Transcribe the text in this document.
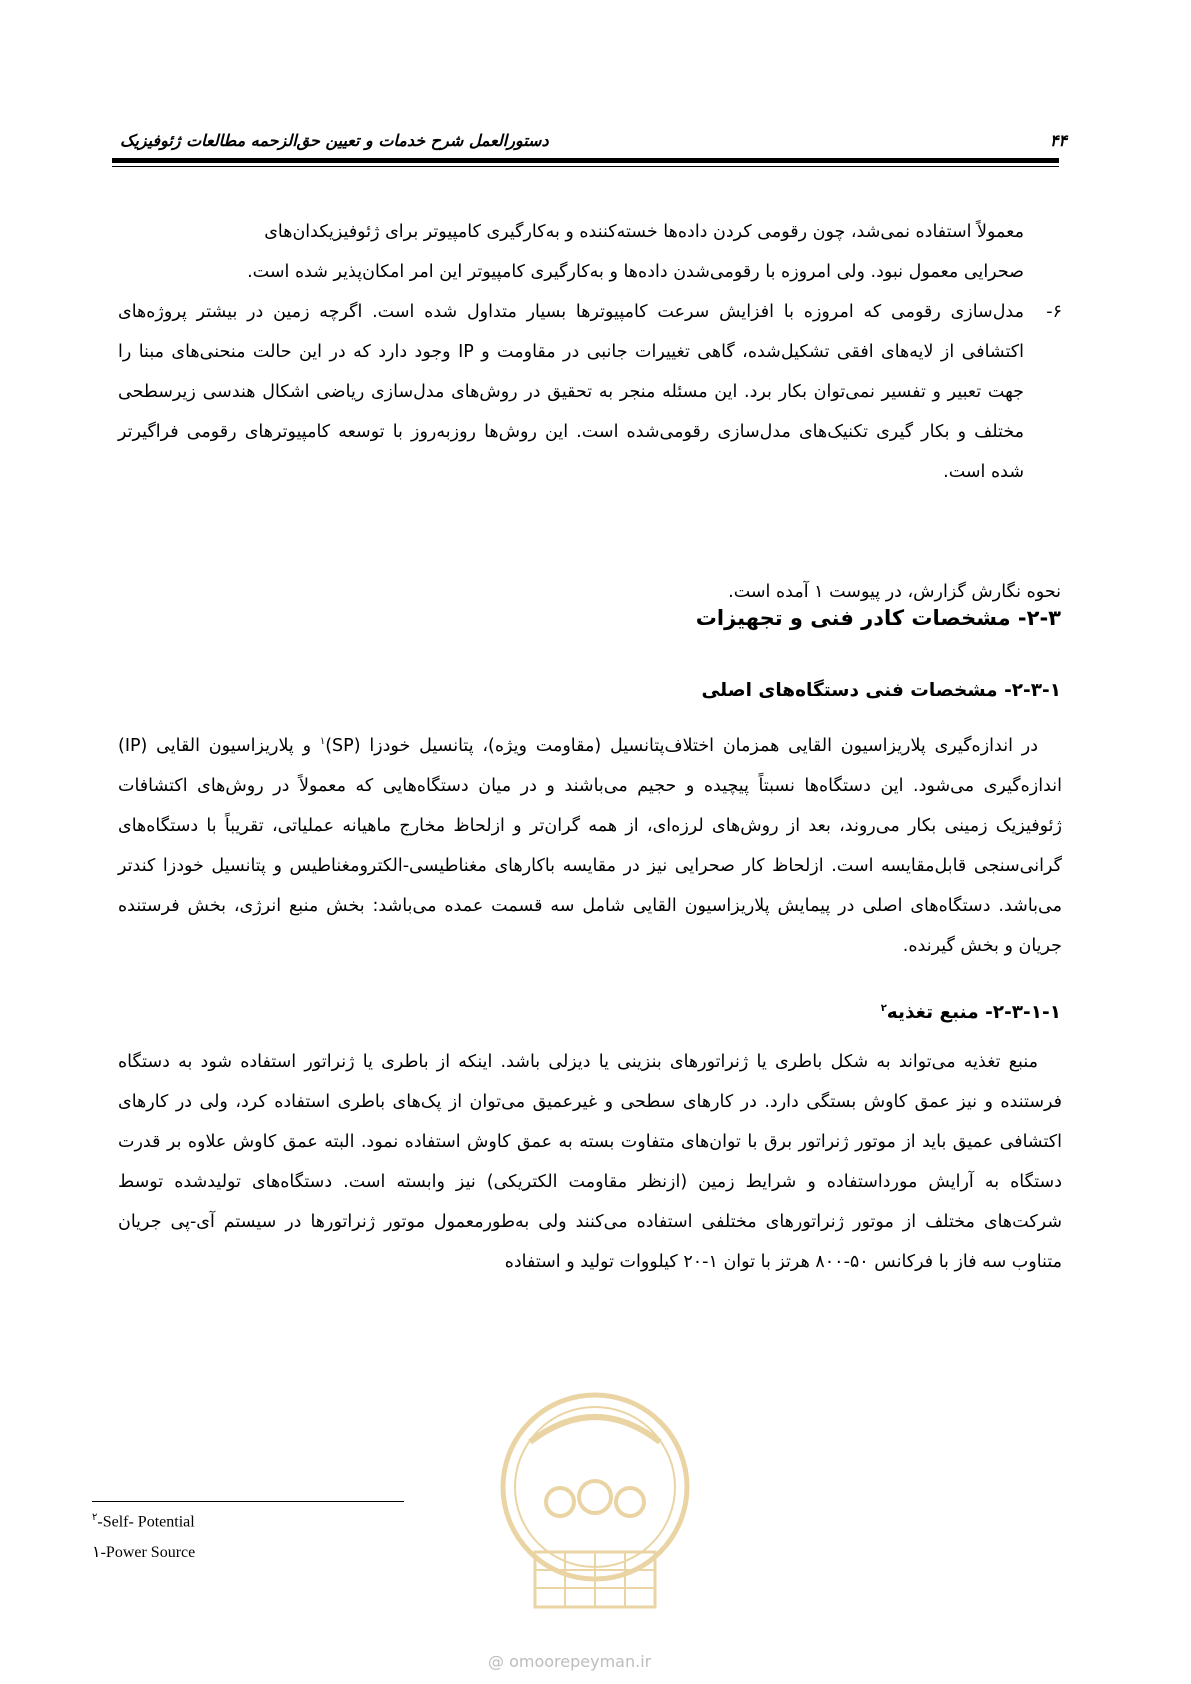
دستورالعمل شرح خدمات و تعیین حق‌الزحمه مطالعات ژئوفیزیک	۴۴
معمولاً استفاده نمی‌شد، چون رقومی کردن داده‌ها خسته‌کننده و به‌کارگیری کامپیوتر برای ژئوفیزیکدان‌های
صحرایی معمول نبود. ولی امروزه با رقومی‌شدن داده‌ها و به‌کارگیری کامپیوتر این امر امکان‌پذیر شده است.
۶-
مدل‌سازی رقومی که امروزه با افزایش سرعت کامپیوترها بسیار متداول شده است. اگرچه زمین در بیشتر پروژه‌های اکتشافی از لایه‌های افقی تشکیل‌شده، گاهی تغییرات جانبی در مقاومت و IP وجود دارد که در این حالت منحنی‌های مبنا را جهت تعبیر و تفسیر نمی‌توان بکار برد. این مسئله منجر به تحقیق در روش‌های مدل‌سازی ریاضی اشکال هندسی زیرسطحی مختلف و بکار گیری تکنیک‌های مدل‌سازی رقومی‌شده است. این روش‌ها روزبه‌روز با توسعه کامپیوترهای رقومی فراگیرتر شده است.
نحوه نگارش گزارش، در پیوست ۱ آمده است.
۲-۳- مشخصات کادر فنی و تجهیزات
۲-۳-۱- مشخصات فنی دستگاه‌های اصلی

در اندازه‌گیری پلاریزاسیون القایی همزمان اختلاف‌پتانسیل (مقاومت ویژه)، پتانسیل خودزا (SP)$^۱$ و پلاریزاسیون القایی (IP) اندازه‌گیری می‌شود. این دستگاه‌ها نسبتاً پیچیده و حجیم می‌باشند و در میان دستگاه‌هایی که معمولاً در روش‌های اکتشافات ژئوفیزیک زمینی بکار می‌روند، بعد از روش‌های لرزه‌ای، از همه گران‌تر و ازلحاظ مخارج ماهیانه عملیاتی، تقریباً با دستگاه‌های گرانی‌سنجی قابل‌مقایسه است. ازلحاظ کار صحرایی نیز در مقایسه باکارهای مغناطیسی-الکترومغناطیس و پتانسیل خودزا کندتر می‌باشد. دستگاه‌های اصلی در پیمایش پلاریزاسیون القایی شامل سه قسمت عمده می‌باشد: بخش منبع انرژی، بخش فرستنده جریان و بخش گیرنده.

۲-۳-۱-۱- منبع تغذیه$^۲$

منبع تغذیه می‌تواند به شکل باطری یا ژنراتورهای بنزینی یا دیزلی باشد. اینکه از باطری یا ژنراتور استفاده شود به دستگاه فرستنده و نیز عمق کاوش بستگی دارد. در کارهای سطحی و غیرعمیق می‌توان از پک‌های باطری استفاده کرد، ولی در کارهای اکتشافی عمیق باید از موتور ژنراتور برق با توان‌های متفاوت بسته به عمق کاوش استفاده نمود. البته عمق کاوش علاوه بر قدرت دستگاه به آرایش مورداستفاده و شرایط زمین (ازنظر مقاومت الکتریکی) نیز وابسته است. دستگاه‌های تولیدشده توسط شرکت‌های مختلف از موتور ژنراتورهای مختلفی استفاده می‌کنند ولی به‌طورمعمول موتور ژنراتورها در سیستم آی-پی جریان متناوب سه فاز با فرکانس ۵۰-۸۰۰ هرتز با توان ۱-۲۰ کیلووات تولید و استفاده

@ omoorepeyman.ir
$^۲$-Self- Potential
۱-Power Source
